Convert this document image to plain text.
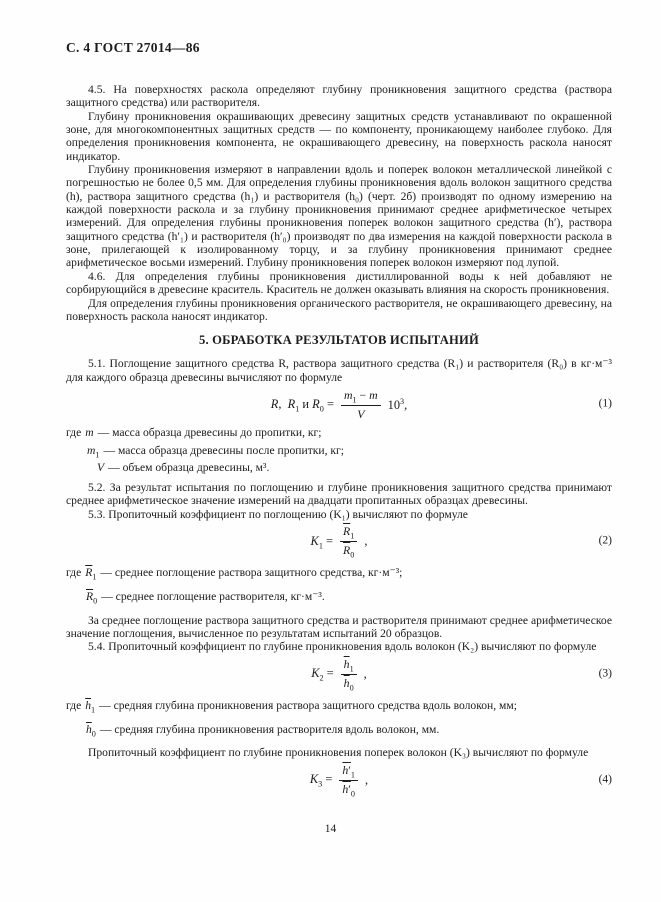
С. 4 ГОСТ 27014—86

4.5. На поверхностях раскола определяют глубину проникновения защитного средства (раствора защитного средства) или растворителя.

Глубину проникновения окрашивающих древесину защитных средств устанавливают по окрашенной зоне, для многокомпонентных защитных средств — по компоненту, проникающему наиболее глубоко. Для определения проникновения компонента, не окрашивающего древесину, на поверхность раскола наносят индикатор.

Глубину проникновения измеряют в направлении вдоль и поперек волокон металлической линейкой с погрешностью не более 0,5 мм. Для определения глубины проникновения вдоль волокон защитного средства (h), раствора защитного средства (h₁) и растворителя (h₀) (черт. 2б) производят по одному измерению на каждой поверхности раскола и за глубину проникновения принимают среднее арифметическое четырех измерений. Для определения глубины проникновения поперек волокон защитного средства (h′), раствора защитного средства (h′₁) и растворителя (h′₀) производят по два измерения на каждой поверхности раскола в зоне, прилегающей к изолированному торцу, и за глубину проникновения принимают среднее арифметическое восьми измерений. Глубину проникновения поперек волокон измеряют под лупой.

4.6. Для определения глубины проникновения дистиллированной воды к ней добавляют не сорбирующийся в древесине краситель. Краситель не должен оказывать влияния на скорость проникновения.

Для определения глубины проникновения органического растворителя, не окрашивающего древесину, на поверхность раскола наносят индикатор.

5. ОБРАБОТКА РЕЗУЛЬТАТОВ ИСПЫТАНИЙ

5.1. Поглощение защитного средства R, раствора защитного средства (R₁) и растворителя (R₀) в кг·м⁻³ для каждого образца древесины вычисляют по формуле

R, $R_1$ и $R_0 = \frac{m_1 - m}{V} 10^3$,	(1)
где m — масса образца древесины до пропитки, кг;
$m_1$ — масса образца древесины после пропитки, кг;
V — объем образца древесины, м³.

5.2. За результат испытания по поглощению и глубине проникновения защитного средства принимают среднее арифметическое значение измерений на двадцати пропитанных образцах древесины.

5.3. Пропиточный коэффициент по поглощению (K₁) вычисляют по формуле

$K_1 = \frac{R_1}{R_0}$ ,	(2)
где $\overline{R}_1$ — среднее поглощение раствора защитного средства, кг·м⁻³;
$\overline{R}_0$ — среднее поглощение растворителя, кг·м⁻³.

За среднее поглощение раствора защитного средства и растворителя принимают среднее арифметическое значение поглощения, вычисленное по результатам испытаний 20 образцов.

5.4. Пропиточный коэффициент по глубине проникновения вдоль волокон (K₂) вычисляют по формуле

$K_2 = \frac{h_1}{h_0}$ ,	(3)
где $\overline{h}_1$ — средняя глубина проникновения раствора защитного средства вдоль волокон, мм;
$\overline{h}_0$ — средняя глубина проникновения растворителя вдоль волокон, мм.

Пропиточный коэффициент по глубине проникновения поперек волокон (K₃) вычисляют по формуле

$K_3 = \frac{h'_1}{h'_0}$ ,	(4)
14
